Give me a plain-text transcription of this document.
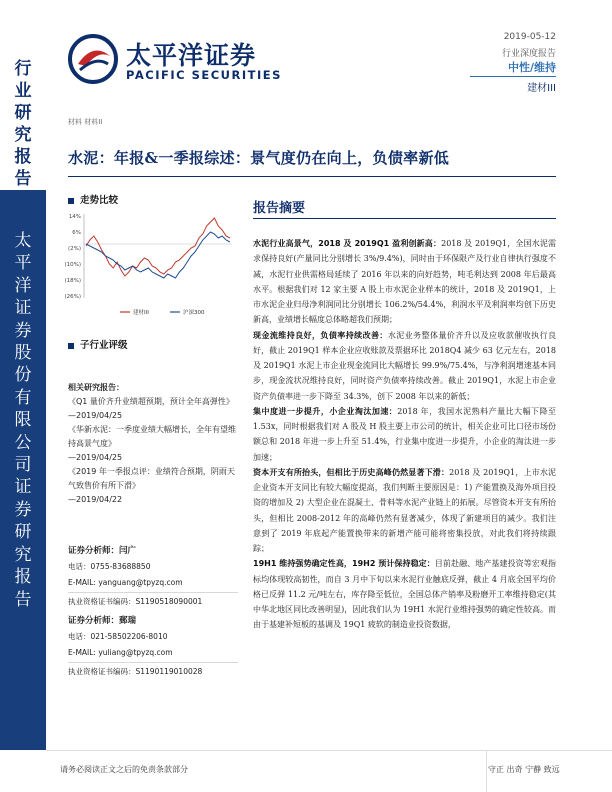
行业研究报告
太平洋证券股份有限公司证券研究报告
太平洋证券
PACIFIC SECURITIES
2019-05-12
行业深度报告
中性/维持
建材III
材料 材料II
水泥：年报&一季报综述：景气度仍在向上，负债率新低
走势比较
14%
6%
(2%)
(10%)
(18%)
(26%)
建材III	沪深300
子行业评级
相关研究报告：
《Q1 量价齐升业绩超预期，预计全年高弹性》
—2019/04/25
《华新水泥：一季度业绩大幅增长，全年有望维持高景气度》
—2019/04/25
《2019 年一季报点评：业绩符合预期，阴雨天气致售价有所下滑》
—2019/04/22
证券分析师：闫广
电话：0755-83688850
E-MAIL: yanguang@tpyzq.com
执业资格证书编码：S1190518090001
证券分析师：郵瑞
电话：021-58502206-8010
E-MAIL: yuliang@tpyzq.com
执业资格证书编码：S1190119010028
报告摘要

水泥行业高景气，2018 及 2019Q1 盈利创新高：2018 及 2019Q1，全国水泥需求保持良好(产量同比分别增长 3%/9.4%)，同时由于环保限产及行业自律执行强度不减，水泥行业供需格局延续了 2016 年以来的向好趋势，吨毛利达到 2008 年后最高水平。根据我们对 12 家主要 A 股上市水泥企业样本的统计，2018 及 2019Q1，上市水泥企业归母净利润同比分别增长 106.2%/54.4%，利润水平及利润率均创下历史新高，业绩增长幅度总体略超我们预期；

现金流维持良好，负债率持续改善：水泥业务整体量价齐升以及应收款催收执行良好，截止 2019Q1 样本企业应收账款及票据环比 2018Q4 减少 63 亿元左右，2018 及 2019Q1 水泥上市企业现金流同比大幅增长 99.9%/75.4%，与净利润增速基本同步，现金流状况维持良好，同时资产负债率持续改善。截止 2019Q1，水泥上市企业资产负债率进一步下降至 34.3%，创下 2008 年以来的新低；

集中度进一步提升，小企业淘汰加速：2018 年，我国水泥熟料产量比大幅下降至 1.53x，同时根据我们对 A 股及 H 股主要上市公司的统计，相关企业可比口径市场份额总和 2018 年进一步上升至 51.4%，行业集中度进一步提升，小企业的淘汰进一步加速；

资本开支有所抬头，但相比于历史高峰仍然显著下滑：2018 及 2019Q1，上市水泥企业资本开支同比有较大幅度提高，我们判断主要原因是：1) 产能置换及海外项目投资的增加及 2) 大型企业在混凝土、骨料等水泥产业链上的拓展。尽管资本开支有所抬头，但相比 2008-2012 年的高峰仍然有显著减少，体现了新建项目的减少。我们注意到了 2019 年底起产能置换带来的新增产能可能将密集投放，对此我们将持续跟踪；

19H1 维持强势确定性高，19H2 预计保持稳定：目前赴融、地产基建投资等宏观指标均体现较高韧性，而自 3 月中下旬以来水泥行业触底反弹，截止 4 月底全国平均价格已反弹 11.2 元/吨左右，库存降至低位，全国总体产销率及粉磨开工率维持稳定(其中华北地区同比改善明显)，因此我们认为 19H1 水泥行业维持强势的确定性较高。而由于基建补短板的基调及 19Q1 疲软的制造业投资数据，

请务必阅读正文之后的免责条款部分	守正 出奇 宁静 致远
